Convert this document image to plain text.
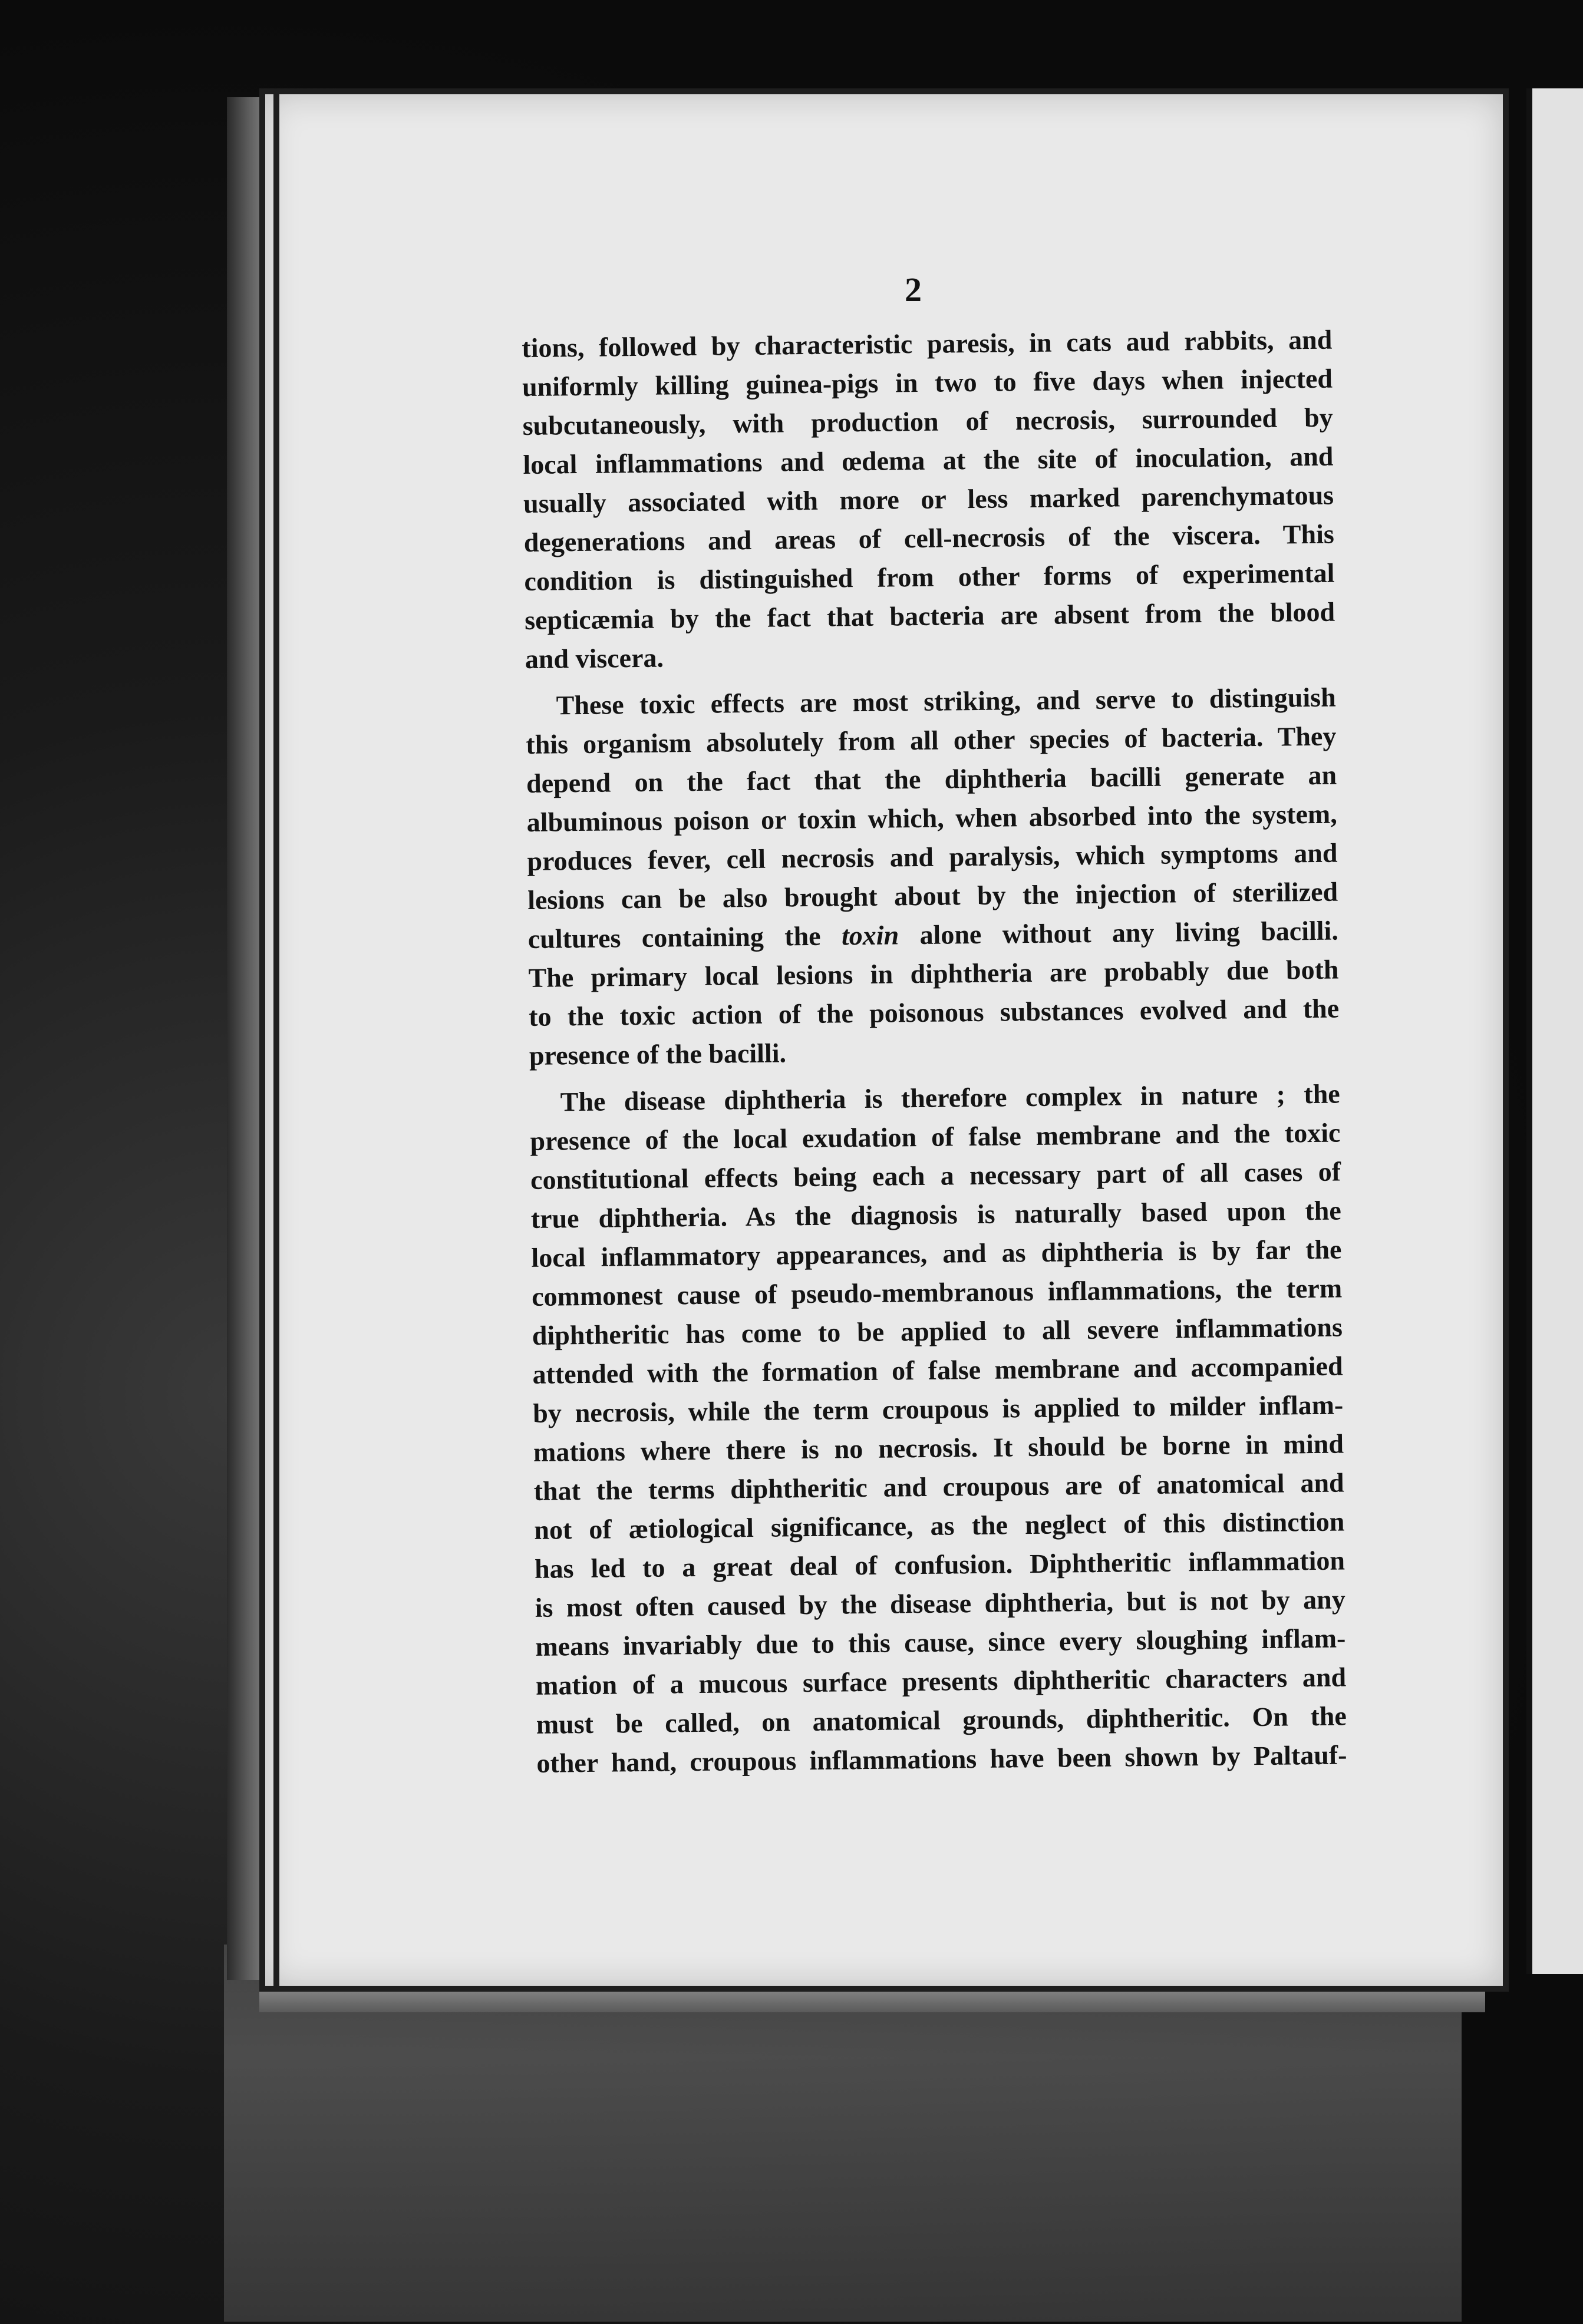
2
tions, followed by characteristic paresis, in cats aud rabbits, and
uniformly killing guinea-pigs in two to five days when injected
subcutaneously, with production of necrosis, surrounded by
local inflammations and œdema at the site of inoculation, and
usually associated with more or less marked parenchymatous
degenerations and areas of cell-necrosis of the viscera. This
condition is distinguished from other forms of experimental
septicæmia by the fact that bacteria are absent from the blood
and viscera.
These toxic effects are most striking, and serve to distinguish
this organism absolutely from all other species of bacteria. They
depend on the fact that the diphtheria bacilli generate an
albuminous poison or toxin which, when absorbed into the system,
produces fever, cell necrosis and paralysis, which symptoms and
lesions can be also brought about by the injection of sterilized
cultures containing the toxin alone without any living bacilli.
The primary local lesions in diphtheria are probably due both
to the toxic action of the poisonous substances evolved and the
presence of the bacilli.
The disease diphtheria is therefore complex in nature ; the
presence of the local exudation of false membrane and the toxic
constitutional effects being each a necessary part of all cases of
true diphtheria. As the diagnosis is naturally based upon the
local inflammatory appearances, and as diphtheria is by far the
commonest cause of pseudo-membranous inflammations, the term
diphtheritic has come to be applied to all severe inflammations
attended with the formation of false membrane and accompanied
by necrosis, while the term croupous is applied to milder inflam-
mations where there is no necrosis. It should be borne in mind
that the terms diphtheritic and croupous are of anatomical and
not of ætiological significance, as the neglect of this distinction
has led to a great deal of confusion. Diphtheritic inflammation
is most often caused by the disease diphtheria, but is not by any
means invariably due to this cause, since every sloughing inflam-
mation of a mucous surface presents diphtheritic characters and
must be called, on anatomical grounds, diphtheritic. On the
other hand, croupous inflammations have been shown by Paltauf-
